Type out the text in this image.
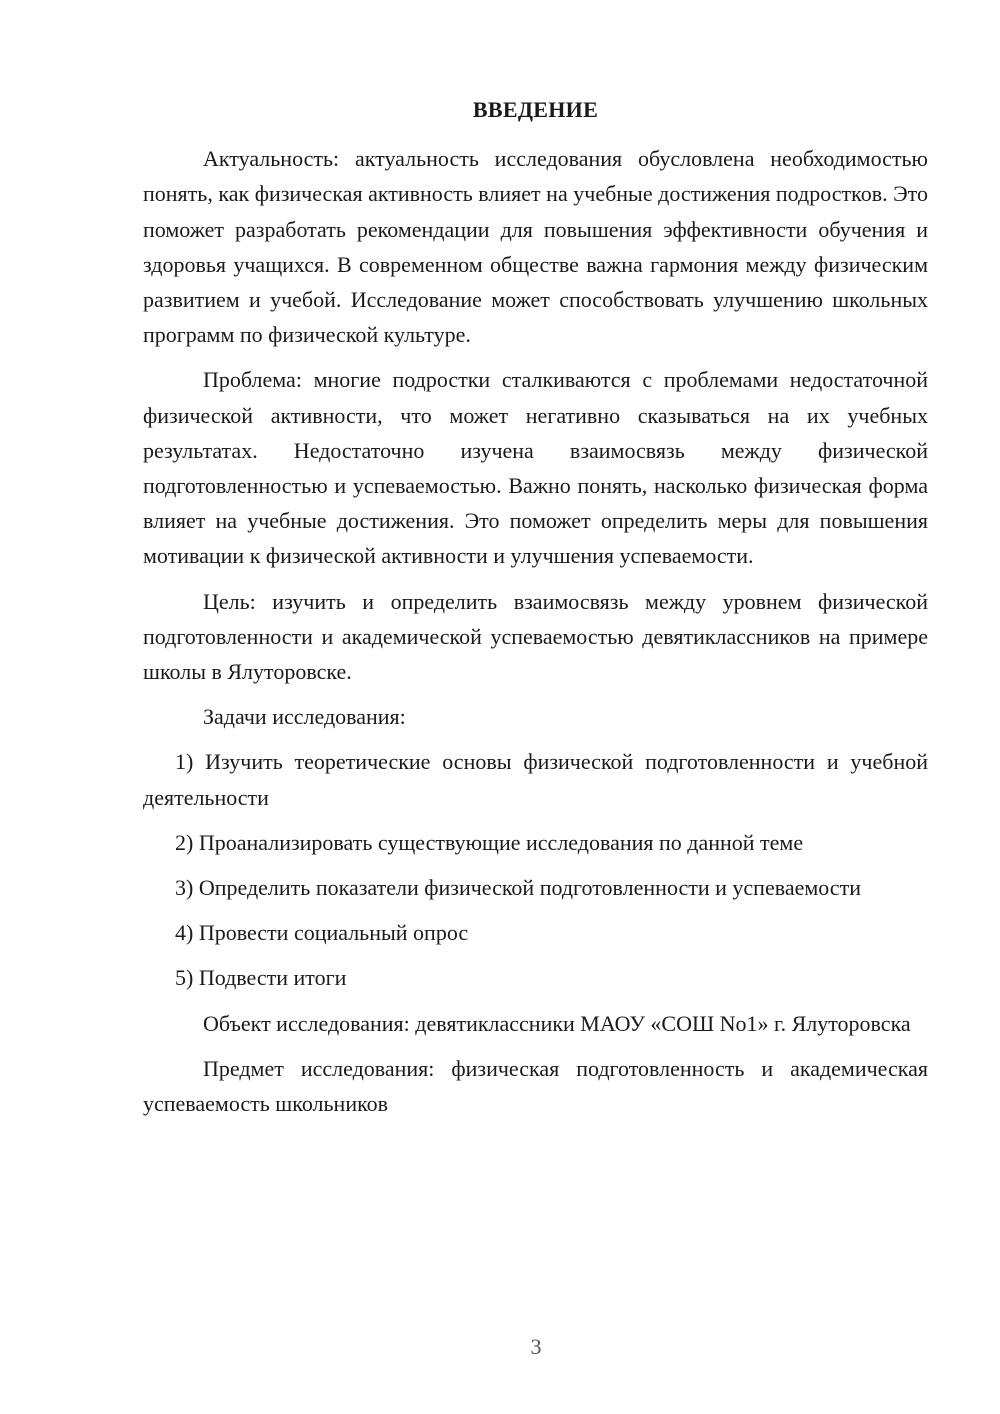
ВВЕДЕНИЕ

Актуальность: актуальность исследования обусловлена необходимостью понять, как физическая активность влияет на учебные достижения подростков. Это поможет разработать рекомендации для повышения эффективности обучения и здоровья учащихся. В современном обществе важна гармония между физическим развитием и учебой. Исследование может способствовать улучшению школьных программ по физической культуре.

Проблема: многие подростки сталкиваются с проблемами недостаточной физической активности, что может негативно сказываться на их учебных результатах. Недостаточно изучена взаимосвязь между физической подготовленностью и успеваемостью. Важно понять, насколько физическая форма влияет на учебные достижения. Это поможет определить меры для повышения мотивации к физической активности и улучшения успеваемости.

Цель: изучить и определить взаимосвязь между уровнем физической подготовленности и академической успеваемостью девятиклассников на примере школы в Ялуторовске.

Задачи исследования:

1) Изучить теоретические основы физической подготовленности и учебной деятельности

2) Проанализировать существующие исследования по данной теме

3) Определить показатели физической подготовленности и успеваемости

4) Провести социальный опрос

5) Подвести итоги

Объект исследования: девятиклассники МАОУ «СОШ No1» г. Ялуторовска

Предмет исследования: физическая подготовленность и академическая успеваемость школьников

3
